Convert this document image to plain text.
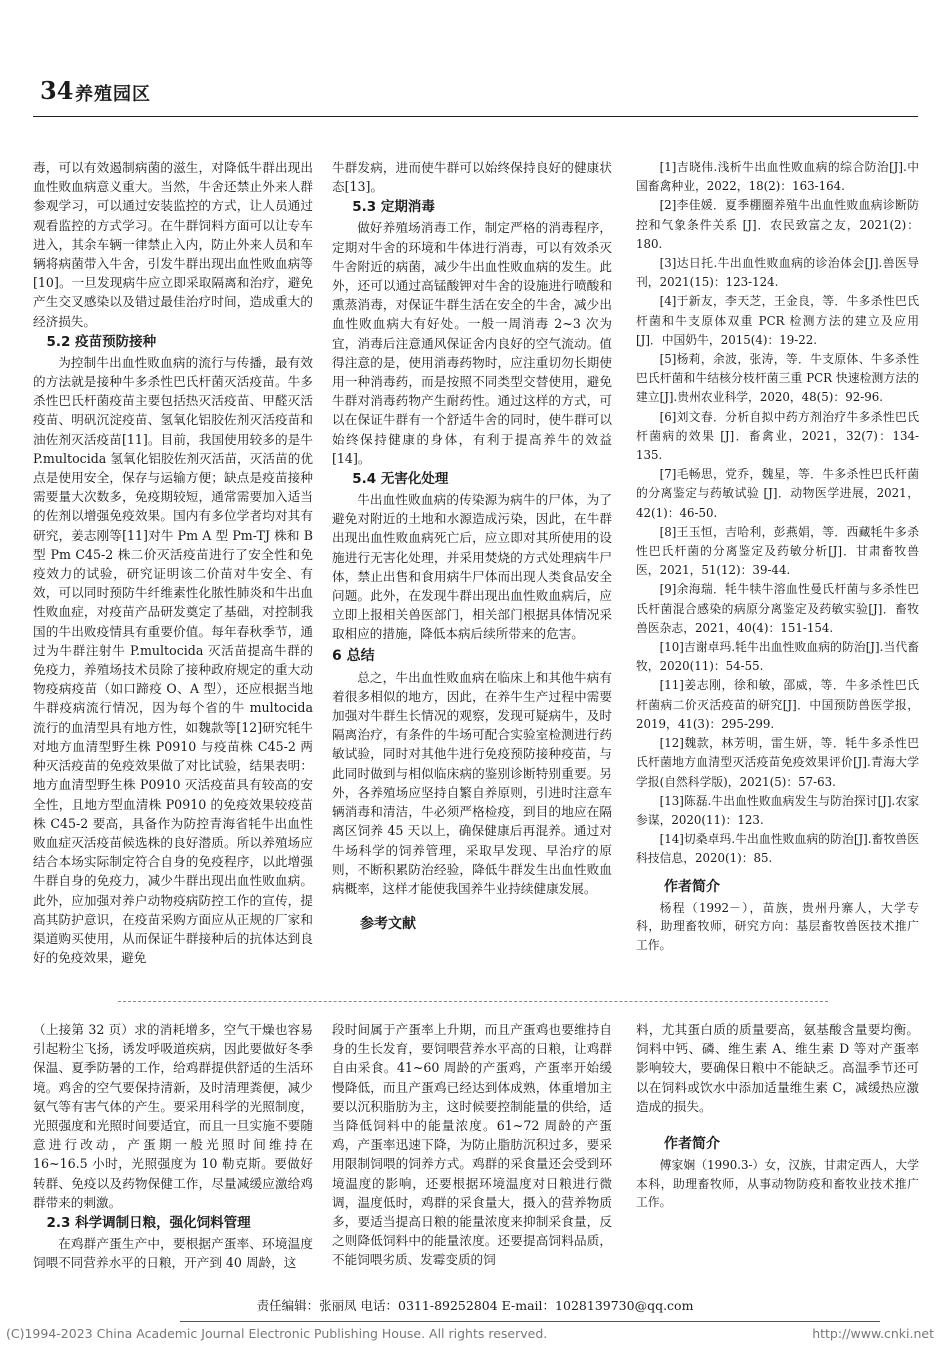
34 养殖园区

毒，可以有效遏制病菌的滋生，对降低牛群出现出血性败血病意义重大。当然，牛舍还禁止外来人群参观学习，可以通过安装监控的方式，让人员通过观看监控的方式学习。在牛群饲料方面可以让专车进入，其余车辆一律禁止入内，防止外来人员和车辆将病菌带入牛舍，引发牛群出现出血性败血病等[10]。一旦发现病牛应立即采取隔离和治疗，避免产生交叉感染以及错过最佳治疗时间，造成重大的经济损失。

5.2 疫苗预防接种

为控制牛出血性败血病的流行与传播，最有效的方法就是接种牛多杀性巴氏杆菌灭活疫苗。牛多杀性巴氏杆菌疫苗主要包括热灭活疫苗、甲醛灭活疫苗、明矾沉淀疫苗、氢氧化铝胶佐剂灭活疫苗和油佐剂灭活疫苗[11]。目前，我国使用较多的是牛 P.multocida 氢氧化铝胶佐剂灭活苗，灭活苗的优点是使用安全，保存与运输方便；缺点是疫苗接种需要量大次数多，免疫期较短，通常需要加入适当的佐剂以增强免疫效果。国内有多位学者均对其有研究，姜志刚等[11]对牛 Pm A 型 Pm-TJ 株和 B 型 Pm C45-2 株二价灭活疫苗进行了安全性和免疫效力的试验，研究证明该二价苗对牛安全、有效，可以同时预防牛纤维素性化脓性肺炎和牛出血性败血症，对疫苗产品研发奠定了基础，对控制我国的牛出败疫情具有重要价值。每年春秋季节，通过为牛群注射牛 P.multocida 灭活苗提高牛群的免疫力，养殖场技术员除了接种政府规定的重大动物疫病疫苗（如口蹄疫 O、A 型），还应根据当地牛群疫病流行情况，因为每个省的牛 multocida 流行的血清型具有地方性，如魏款等[12]研究牦牛对地方血清型野生株 P0910 与疫苗株 C45-2 两种灭活疫苗的免疫效果做了对比试验，结果表明：地方血清型野生株 P0910 灭活疫苗具有较高的安全性，且地方型血清株 P0910 的免疫效果较疫苗株 C45-2 要高，具备作为防控青海省牦牛出血性败血症灭活疫苗候选株的良好潜质。所以养殖场应结合本场实际制定符合自身的免疫程序，以此增强牛群自身的免疫力，减少牛群出现出血性败血病。此外，应加强对养户动物疫病防控工作的宣传，提高其防护意识，在疫苗采购方面应从正规的厂家和渠道购买使用，从而保证牛群接种后的抗体达到良好的免疫效果，避免

牛群发病，进而使牛群可以始终保持良好的健康状态[13]。

5.3 定期消毒

做好养殖场消毒工作，制定严格的消毒程序，定期对牛舍的环境和牛体进行消毒，可以有效杀灭牛舍附近的病菌，减少牛出血性败血病的发生。此外，还可以通过高锰酸钾对牛舍的设施进行喷酸和熏蒸消毒，对保证牛群生活在安全的牛舍，减少出血性败血病大有好处。一般一周消毒 2~3 次为宜，消毒后注意通风保证舍内良好的空气流动。值得注意的是，使用消毒药物时，应注重切勿长期使用一种消毒药，而是按照不同类型交替使用，避免牛群对消毒药物产生耐药性。通过这样的方式，可以在保证牛群有一个舒适牛舍的同时，使牛群可以始终保持健康的身体，有利于提高养牛的效益[14]。

5.4 无害化处理

牛出血性败血病的传染源为病牛的尸体，为了避免对附近的土地和水源造成污染，因此，在牛群出现出血性败血病死亡后，应立即对其所使用的设施进行无害化处理，并采用焚烧的方式处理病牛尸体，禁止出售和食用病牛尸体而出现人类食品安全问题。此外，在发现牛群出现出血性败血病后，应立即上报相关兽医部门，相关部门根据具体情况采取相应的措施，降低本病后续所带来的危害。

6 总结

总之，牛出血性败血病在临床上和其他牛病有着很多相似的地方，因此，在养牛生产过程中需要加强对牛群生长情况的观察，发现可疑病牛，及时隔离治疗，有条件的牛场可配合实验室检测进行药敏试验，同时对其他牛进行免疫预防接种疫苗，与此同时做到与相似临床病的鉴别诊断特别重要。另外，各养殖场应坚持自繁自养原则，引进时注意车辆消毒和清洁，牛必须严格检疫，到目的地应在隔离区饲养 45 天以上，确保健康后再混养。通过对牛场科学的饲养管理，采取早发现、早治疗的原则，不断积累防治经验，降低牛群发生出血性败血病概率，这样才能使我国养牛业持续健康发展。

参考文献

[1]吉晓伟.浅析牛出血性败血病的综合防治[J].中国畜禽种业，2022，18(2)：163-164.

[2]李佳媛．夏季棚圈养殖牛出血性败血病诊断防控和气象条件关系 [J]．农民致富之友，2021(2)：180.

[3]达日托.牛出血性败血病的诊治体会[J].兽医导刊，2021(15)：123-124.

[4]于新友，李天芝，王金良，等．牛多杀性巴氏杆菌和牛支原体双重 PCR 检测方法的建立及应用[J]．中国奶牛，2015(4)：19-22.

[5]杨莉，余波，张涛，等．牛支原体、牛多杀性巴氏杆菌和牛结核分枝杆菌三重 PCR 快速检测方法的建立[J].贵州农业科学，2020，48(5)：92-96.

[6]刘文春．分析自拟中药方剂治疗牛多杀性巴氏杆菌病的效果 [J]．畜禽业，2021，32(7)：134-135.

[7]毛畅思，党乔，魏星，等．牛多杀性巴氏杆菌的分离鉴定与药敏试验 [J]．动物医学进展，2021，42(1)：46-50.

[8]王玉恒，吉哈利，彭燕娟，等．西藏牦牛多杀性巴氏杆菌的分离鉴定及药敏分析[J]．甘肃畜牧兽医，2021，51(12)：39-44.

[9]余海瑞．牦牛犊牛溶血性曼氏杆菌与多杀性巴氏杆菌混合感染的病原分离鉴定及药敏实验[J]．畜牧兽医杂志，2021，40(4)：151-154.

[10]吉谢卓玛.牦牛出血性败血病的防治[J].当代畜牧，2020(11)：54-55.

[11]姜志刚，徐和敏，邵威，等．牛多杀性巴氏杆菌病二价灭活疫苗的研究[J]．中国预防兽医学报，2019，41(3)：295-299.

[12]魏款，林芳明，雷生妍，等．牦牛多杀性巴氏杆菌地方血清型灭活疫苗免疫效果评价[J].青海大学学报(自然科学版)，2021(5)：57-63.

[13]陈磊.牛出血性败血病发生与防治探讨[J].农家参谋，2020(11)：123.

[14]切桑卓玛.牛出血性败血病的防治[J].畜牧兽医科技信息，2020(1)：85.

作者简介

杨程（1992－），苗族，贵州丹寨人，大学专科，助理畜牧师，研究方向：基层畜牧兽医技术推广工作。

（上接第 32 页）求的消耗增多，空气干燥也容易引起粉尘飞扬，诱发呼吸道疾病，因此要做好冬季保温、夏季防暑的工作，给鸡群提供舒适的生活环境。鸡舍的空气要保持清新，及时清理粪便，减少氨气等有害气体的产生。要采用科学的光照制度，光照强度和光照时间要适宜，而且一旦实施不要随意进行改动，产蛋期一般光照时间维持在 16~16.5 小时，光照强度为 10 勒克斯。要做好转群、免疫以及药物保健工作，尽量减缓应激给鸡群带来的刺激。

2.3 科学调制日粮，强化饲料管理

在鸡群产蛋生产中，要根据产蛋率、环境温度饲喂不同营养水平的日粮，开产到 40 周龄，这

段时间属于产蛋率上升期，而且产蛋鸡也要维持自身的生长发育，要饲喂营养水平高的日粮，让鸡群自由采食。41~60 周龄的产蛋鸡，产蛋率开始缓慢降低，而且产蛋鸡已经达到体成熟，体重增加主要以沉积脂肪为主，这时候要控制能量的供给，适当降低饲料中的能量浓度。61~72 周龄的产蛋鸡，产蛋率迅速下降，为防止脂肪沉积过多，要采用限制饲喂的饲养方式。鸡群的采食量还会受到环境温度的影响，还要根据环境温度对日粮进行微调，温度低时，鸡群的采食量大，摄入的营养物质多，要适当提高日粮的能量浓度来抑制采食量，反之则降低饲料中的能量浓度。还要提高饲料品质，不能饲喂劣质、发霉变质的饲

料，尤其蛋白质的质量要高，氨基酸含量要均衡。饲料中钙、磷、维生素 A、维生素 D 等对产蛋率影响较大，要确保日粮中不能缺乏。高温季节还可以在饲料或饮水中添加适量维生素 C，减缓热应激造成的损失。

作者简介

傅家娴（1990.3-）女，汉族，甘肃定西人，大学本科，助理畜牧师，从事动物防疫和畜牧业技术推广工作。

责任编辑：张丽凤 电话：0311-89252804 E-mail：1028139730@qq.com
(C)1994-2023 China Academic Journal Electronic Publishing House. All rights reserved.	http://www.cnki.net
